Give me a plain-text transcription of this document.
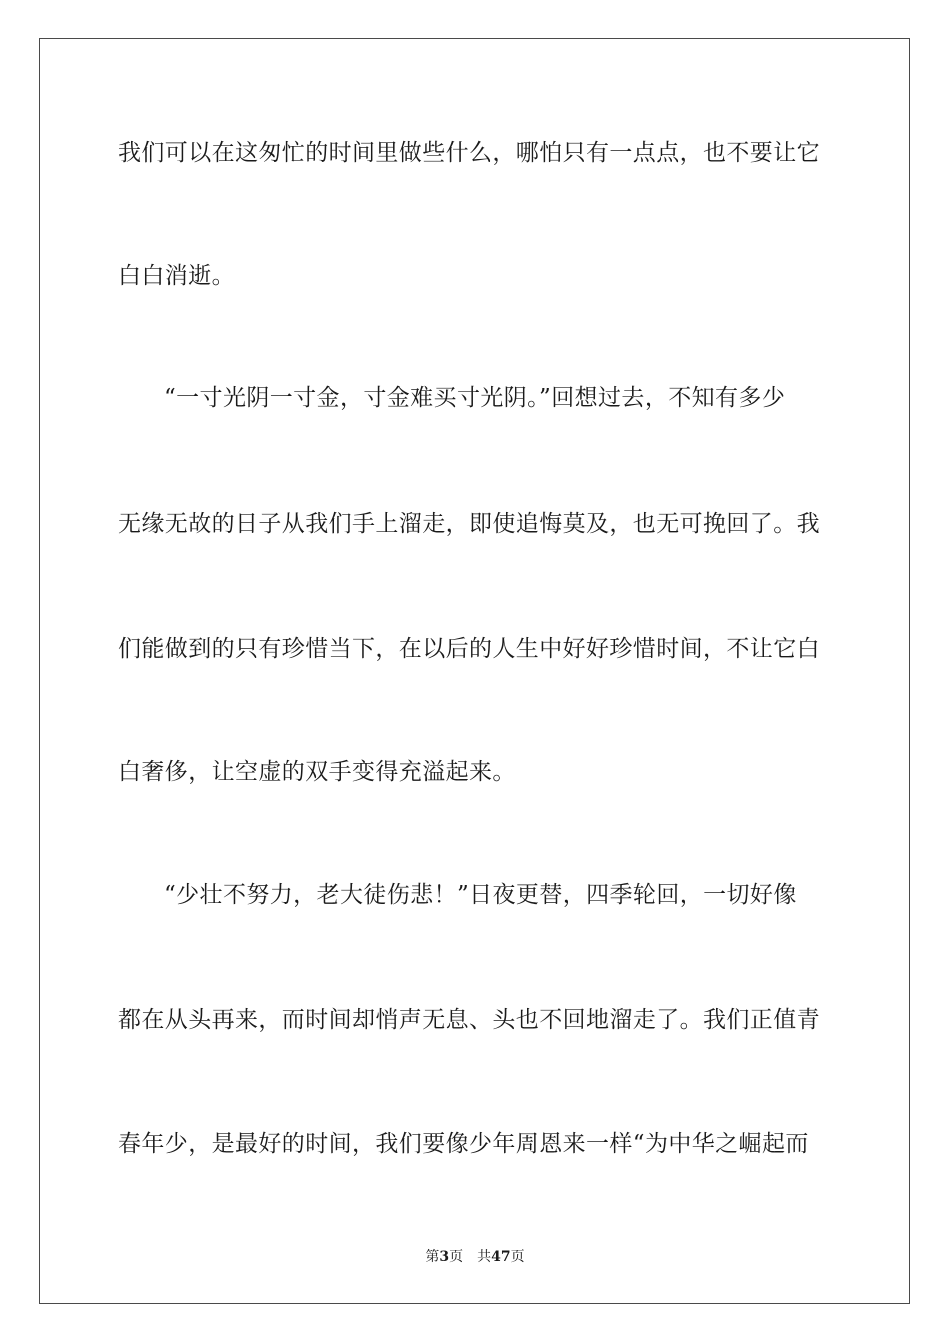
我们可以在这匆忙的时间里做些什么，哪怕只有一点点，也不要让它
白白消逝。
“一寸光阴一寸金，寸金难买寸光阴。”回想过去，不知有多少
无缘无故的日子从我们手上溜走，即使追悔莫及，也无可挽回了。我
们能做到的只有珍惜当下，在以后的人生中好好珍惜时间，不让它白
白奢侈，让空虚的双手变得充溢起来。
“少壮不努力，老大徒伤悲！”日夜更替，四季轮回，一切好像
都在从头再来，而时间却悄声无息、头也不回地溜走了。我们正值青
春年少，是最好的时间，我们要像少年周恩来一样“为中华之崛起而
第3页 共47页
